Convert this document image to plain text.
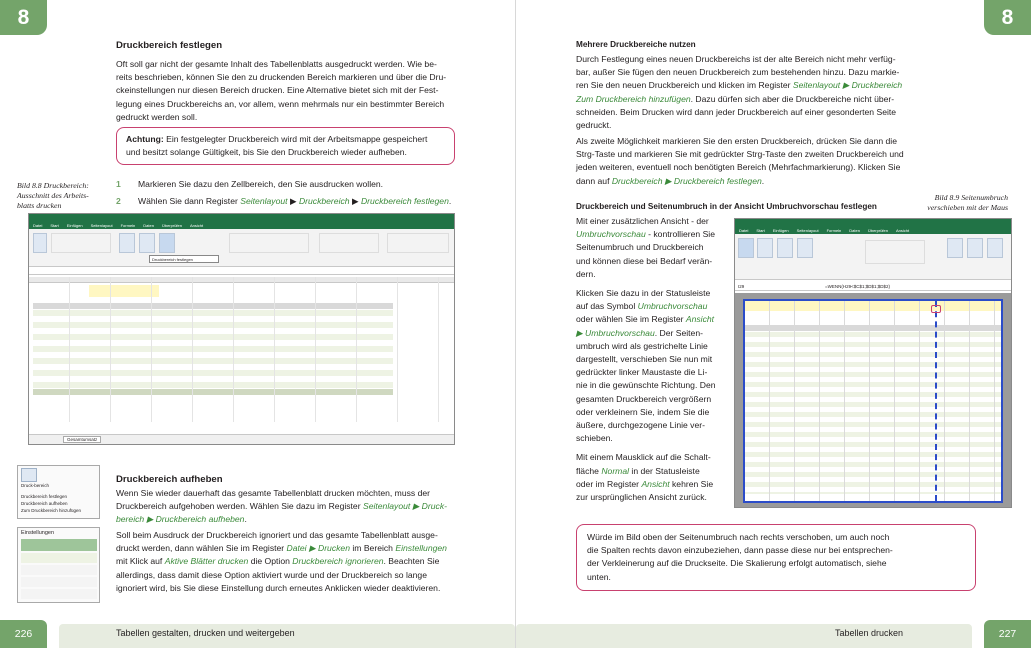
8
Druckbereich festlegen

Oft soll gar nicht der gesamte Inhalt des Tabellenblatts ausgedruckt werden. Wie be-

reits beschrieben, können Sie den zu druckenden Bereich markieren und über die Dru-

ckeinstellungen nur diesen Bereich drucken. Eine Alternative bietet sich mit der Fest-

legung eines Druckbereichs an, vor allem, wenn mehrmals nur ein bestimmter Bereich

gedruckt werden soll.

Achtung: Ein festgelegter Druckbereich wird mit der Arbeitsmappe gespeichert

und besitzt solange Gültigkeit, bis Sie den Druckbereich wieder aufheben.

Bild 8.8 Druckbereich:
Ausschnitt des Arbeits-
blatts drucken
1 Markieren Sie dazu den Zellbereich, den Sie ausdrucken wollen.
2 Wählen Sie dann Register Seitenlayout ▶ Druckbereich ▶ Druckbereich festlegen.
Datei	Start	Einfügen	Seitenlayout	Formeln	Daten	Überprüfen	Ansicht
Druckbereich festlegen
Gesamtumsatz
Druck-bereich
Druckbereich festlegen
Druckbereich aufheben
Zum Druckbereich hinzufügen
Einstellungen
Druckbereich aufheben

Wenn Sie wieder dauerhaft das gesamte Tabellenblatt drucken möchten, muss der

Druckbereich aufgehoben werden. Wählen Sie dazu im Register Seitenlayout ▶ Druck-

bereich ▶ Druckbereich aufheben.

Soll beim Ausdruck der Druckbereich ignoriert und das gesamte Tabellenblatt ausge-

druckt werden, dann wählen Sie im Register Datei ▶ Drucken im Bereich Einstellungen

mit Klick auf Aktive Blätter drucken die Option Druckbereich ignorieren. Beachten Sie

allerdings, dass damit diese Option aktiviert wurde und der Druckbereich so lange

ignoriert wird, bis Sie diese Einstellung durch erneutes Anklicken wieder deaktivieren.

226	Tabellen gestalten, drucken und weitergeben
8
Mehrere Druckbereiche nutzen

Durch Festlegung eines neuen Druckbereichs ist der alte Bereich nicht mehr verfüg-

bar, außer Sie fügen den neuen Druckbereich zum bestehenden hinzu. Dazu markie-

ren Sie den neuen Druckbereich und klicken im Register Seitenlayout ▶ Druckbereich

Zum Druckbereich hinzufügen. Dazu dürfen sich aber die Druckbereiche nicht über-

schneiden. Beim Drucken wird dann jeder Druckbereich auf einer gesonderten Seite

gedruckt.

Als zweite Möglichkeit markieren Sie den ersten Druckbereich, drücken Sie dann die

Strg-Taste und markieren Sie mit gedrückter Strg-Taste den zweiten Druckbereich und

jeden weiteren, eventuell noch benötigten Bereich (Mehrfachmarkierung). Klicken Sie

dann auf Druckbereich ▶ Druckbereich festlegen.

Bild 8.9 Seitenumbruch
verschieben mit der Maus
Druckbereich und Seitenumbruch in der Ansicht Umbruchvorschau festlegen

Mit einer zusätzlichen Ansicht - der

Umbruchvorschau - kontrollieren Sie

Seitenumbruch und Druckbereich

und können diese bei Bedarf verän-

dern.

Klicken Sie dazu in der Statusleiste

auf das Symbol Umbruchvorschau

oder wählen Sie im Register Ansicht

▶ Umbruchvorschau. Der Seiten-

umbruch wird als gestrichelte Linie

dargestellt, verschieben Sie nun mit

gedrückter linker Maustaste die Li-

nie in die gewünschte Richtung. Den

gesamten Druckbereich vergrößern

oder verkleinern Sie, indem Sie die

äußere, durchgezogene Linie ver-

schieben.

Mit einem Mausklick auf die Schalt-

fläche Normal in der Statusleiste

oder im Register Ansicht kehren Sie

zur ursprünglichen Ansicht zurück.

Datei	Start	Einfügen	Seitenlayout	Formeln	Daten	Überprüfen	Ansicht
I29	=WENN(H29<$C$1;$D$1;$D$2)

Würde im Bild oben der Seitenumbruch nach rechts verschoben, um auch noch

die Spalten rechts davon einzubeziehen, dann passe diese nur bei entsprechen-

der Verkleinerung auf die Druckseite. Die Skalierung erfolgt automatisch, siehe

unten.

227
Tabellen drucken
